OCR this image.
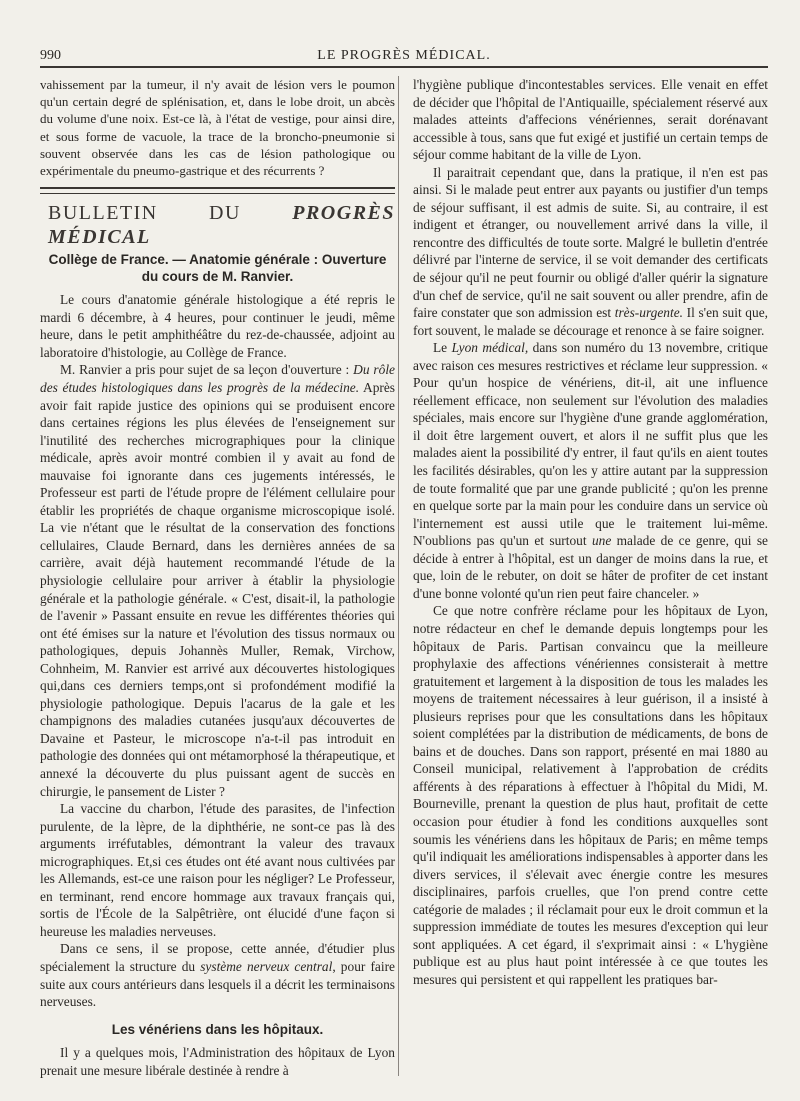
990	LE PROGRÈS MÉDICAL.

vahissement par la tumeur, il n'y avait de lésion vers le poumon qu'un certain degré de splénisation, et, dans le lobe droit, un abcès du volume d'une noix. Est-ce là, à l'état de vestige, pour ainsi dire, et sous forme de vacuole, la trace de la broncho-pneumonie si souvent observée dans les cas de lésion pathologique ou expérimentale du pneumo-gastrique et des récurrents ?

BULLETIN DU PROGRÈS MÉDICAL
Collège de France. — Anatomie générale : Ouverture du cours de M. Ranvier.

Le cours d'anatomie générale histologique a été repris le mardi 6 décembre, à 4 heures, pour continuer le jeudi, même heure, dans le petit amphithéâtre du rez-de-chaussée, adjoint au laboratoire d'histologie, au Collège de France.

M. Ranvier a pris pour sujet de sa leçon d'ouverture : Du rôle des études histologiques dans les progrès de la médecine. Après avoir fait rapide justice des opinions qui se produisent encore dans certaines régions les plus élevées de l'enseignement sur l'inutilité des recherches micrographiques pour la clinique médicale, après avoir montré combien il y avait au fond de mauvaise foi ignorante dans ces jugements intéressés, le Professeur est parti de l'étude propre de l'élément cellulaire pour établir les propriétés de chaque organisme microscopique isolé. La vie n'étant que le résultat de la conservation des fonctions cellulaires, Claude Bernard, dans les dernières années de sa carrière, avait déjà hautement recommandé l'étude de la physiologie cellulaire pour arriver à établir la physiologie générale et la pathologie générale. « C'est, disait-il, la pathologie de l'avenir » Passant ensuite en revue les différentes théories qui ont été émises sur la nature et l'évolution des tissus normaux ou pathologiques, depuis Johannès Muller, Remak, Virchow, Cohnheim, M. Ranvier est arrivé aux découvertes histologiques qui,dans ces derniers temps,ont si profondément modifié la physiologie pathologique. Depuis l'acarus de la gale et les champignons des maladies cutanées jusqu'aux découvertes de Davaine et Pasteur, le microscope n'a-t-il pas introduit en pathologie des données qui ont métamorphosé la thérapeutique, et annexé la découverte du plus puissant agent de succès en chirurgie, le pansement de Lister ?

La vaccine du charbon, l'étude des parasites, de l'infection purulente, de la lèpre, de la diphthérie, ne sont-ce pas là des arguments irréfutables, démontrant la valeur des travaux micrographiques. Et,si ces études ont été avant nous cultivées par les Allemands, est-ce une raison pour les négliger? Le Professeur, en terminant, rend encore hommage aux travaux français qui, sortis de l'École de la Salpêtrière, ont élucidé d'une façon si heureuse les maladies nerveuses.

Dans ce sens, il se propose, cette année, d'étudier plus spécialement la structure du système nerveux central, pour faire suite aux cours antérieurs dans lesquels il a décrit les terminaisons nerveuses.

Les vénériens dans les hôpitaux.

Il y a quelques mois, l'Administration des hôpitaux de Lyon prenait une mesure libérale destinée à rendre à

l'hygiène publique d'incontestables services. Elle venait en effet de décider que l'hôpital de l'Antiquaille, spécialement réservé aux malades atteints d'affecions vénériennes, serait dorénavant accessible à tous, sans que fut exigé et justifié un certain temps de séjour comme habitant de la ville de Lyon.

Il paraitrait cependant que, dans la pratique, il n'en est pas ainsi. Si le malade peut entrer aux payants ou justifier d'un temps de séjour suffisant, il est admis de suite. Si, au contraire, il est indigent et étranger, ou nouvellement arrivé dans la ville, il rencontre des difficultés de toute sorte. Malgré le bulletin d'entrée délivré par l'interne de service, il se voit demander des certificats de séjour qu'il ne peut fournir ou obligé d'aller quérir la signature d'un chef de service, qu'il ne sait souvent ou aller prendre, afin de faire constater que son admission est très-urgente. Il s'en suit que, fort souvent, le malade se décourage et renonce à se faire soigner.

Le Lyon médical, dans son numéro du 13 novembre, critique avec raison ces mesures restrictives et réclame leur suppression. « Pour qu'un hospice de vénériens, dit-il, ait une influence réellement efficace, non seulement sur l'évolution des maladies spéciales, mais encore sur l'hygiène d'une grande agglomération, il doit être largement ouvert, et alors il ne suffit plus que les malades aient la possibilité d'y entrer, il faut qu'ils en aient toutes les facilités désirables, qu'on les y attire autant par la suppression de toute formalité que par une grande publicité ; qu'on les prenne en quelque sorte par la main pour les conduire dans un service où l'internement est aussi utile que le traitement lui-même. N'oublions pas qu'un et surtout une malade de ce genre, qui se décide à entrer à l'hôpital, est un danger de moins dans la rue, et que, loin de le rebuter, on doit se hâter de profiter de cet instant d'une bonne volonté qu'un rien peut faire chanceler. »

Ce que notre confrère réclame pour les hôpitaux de Lyon, notre rédacteur en chef le demande depuis longtemps pour les hôpitaux de Paris. Partisan convaincu que la meilleure prophylaxie des affections vénériennes consisterait à mettre gratuitement et largement à la disposition de tous les malades les moyens de traitement nécessaires à leur guérison, il a insisté à plusieurs reprises pour que les consultations dans les hôpitaux soient complétées par la distribution de médicaments, de bons de bains et de douches. Dans son rapport, présenté en mai 1880 au Conseil municipal, relativement à l'approbation de crédits afférents à des réparations à effectuer à l'hôpital du Midi, M. Bourneville, prenant la question de plus haut, profitait de cette occasion pour étudier à fond les conditions auxquelles sont soumis les vénériens dans les hôpitaux de Paris; en même temps qu'il indiquait les améliorations indispensables à apporter dans les divers services, il s'élevait avec énergie contre les mesures disciplinaires, parfois cruelles, que l'on prend contre cette catégorie de malades ; il réclamait pour eux le droit commun et la suppression immédiate de toutes les mesures d'exception qui leur sont appliquées. A cet égard, il s'exprimait ainsi : « L'hygiène publique est au plus haut point intéressée à ce que toutes les mesures qui persistent et qui rappellent les pratiques bar-
